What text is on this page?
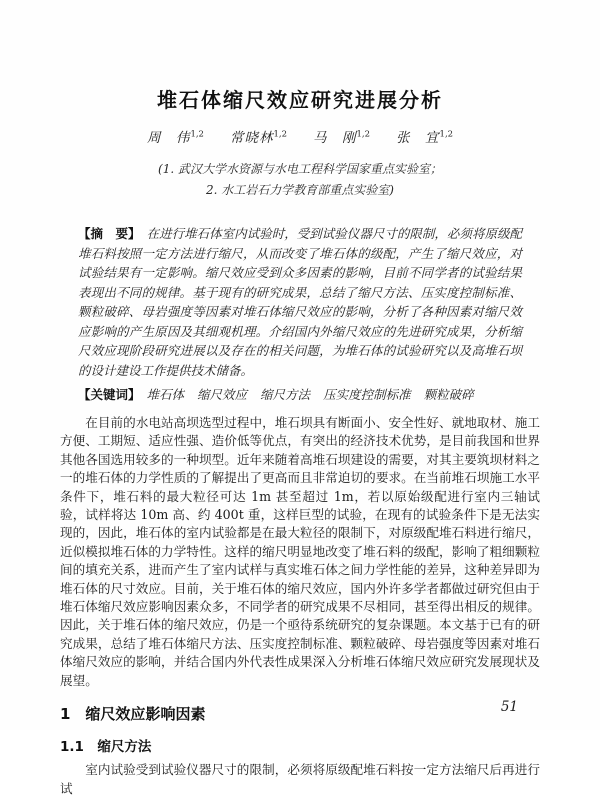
堆石体缩尺效应研究进展分析
周　伟$^{1,2}$ 常晓林$^{1,2}$ 马　刚$^{1,2}$ 张　宜$^{1,2}$
(1. 武汉大学水资源与水电工程科学国家重点实验室；
2. 水工岩石力学教育部重点实验室)

【摘　要】 在进行堆石体室内试验时，受到试验仪器尺寸的限制，必须将原级配堆石料按照一定方法进行缩尺，从而改变了堆石体的级配，产生了缩尺效应，对试验结果有一定影响。缩尺效应受到众多因素的影响，目前不同学者的试验结果表现出不同的规律。基于现有的研究成果，总结了缩尺方法、压实度控制标准、颗粒破碎、母岩强度等因素对堆石体缩尺效应的影响，分析了各种因素对缩尺效应影响的产生原因及其细观机理。介绍国内外缩尺效应的先进研究成果，分析缩尺效应现阶段研究进展以及存在的相关问题，为堆石体的试验研究以及高堆石坝的设计建设工作提供技术储备。

【关键词】 堆石体 缩尺效应 缩尺方法 压实度控制标准 颗粒破碎

在目前的水电站高坝选型过程中，堆石坝具有断面小、安全性好、就地取材、施工方便、工期短、适应性强、造价低等优点，有突出的经济技术优势，是目前我国和世界其他各国选用较多的一种坝型。近年来随着高堆石坝建设的需要，对其主要筑坝材料之一的堆石体的力学性质的了解提出了更高而且非常迫切的要求。在当前堆石坝施工水平条件下，堆石料的最大粒径可达 1m 甚至超过 1m，若以原始级配进行室内三轴试验，试样将达 10m 高、约 400t 重，这样巨型的试验，在现有的试验条件下是无法实现的，因此，堆石体的室内试验都是在最大粒径的限制下，对原级配堆石料进行缩尺，近似模拟堆石体的力学特性。这样的缩尺明显地改变了堆石料的级配，影响了粗细颗粒间的填充关系，进而产生了室内试样与真实堆石体之间力学性能的差异，这种差异即为堆石体的尺寸效应。目前，关于堆石体的缩尺效应，国内外许多学者都做过研究但由于堆石体缩尺效应影响因素众多，不同学者的研究成果不尽相同，甚至得出相反的规律。因此，关于堆石体的缩尺效应，仍是一个亟待系统研究的复杂课题。本文基于已有的研究成果，总结了堆石体缩尺方法、压实度控制标准、颗粒破碎、母岩强度等因素对堆石体缩尺效应的影响，并结合国内外代表性成果深入分析堆石体缩尺效应研究发展现状及展望。

1　缩尺效应影响因素
1.1　缩尺方法

室内试验受到试验仪器尺寸的限制，必须将原级配堆石料按一定方法缩尺后再进行试

51
